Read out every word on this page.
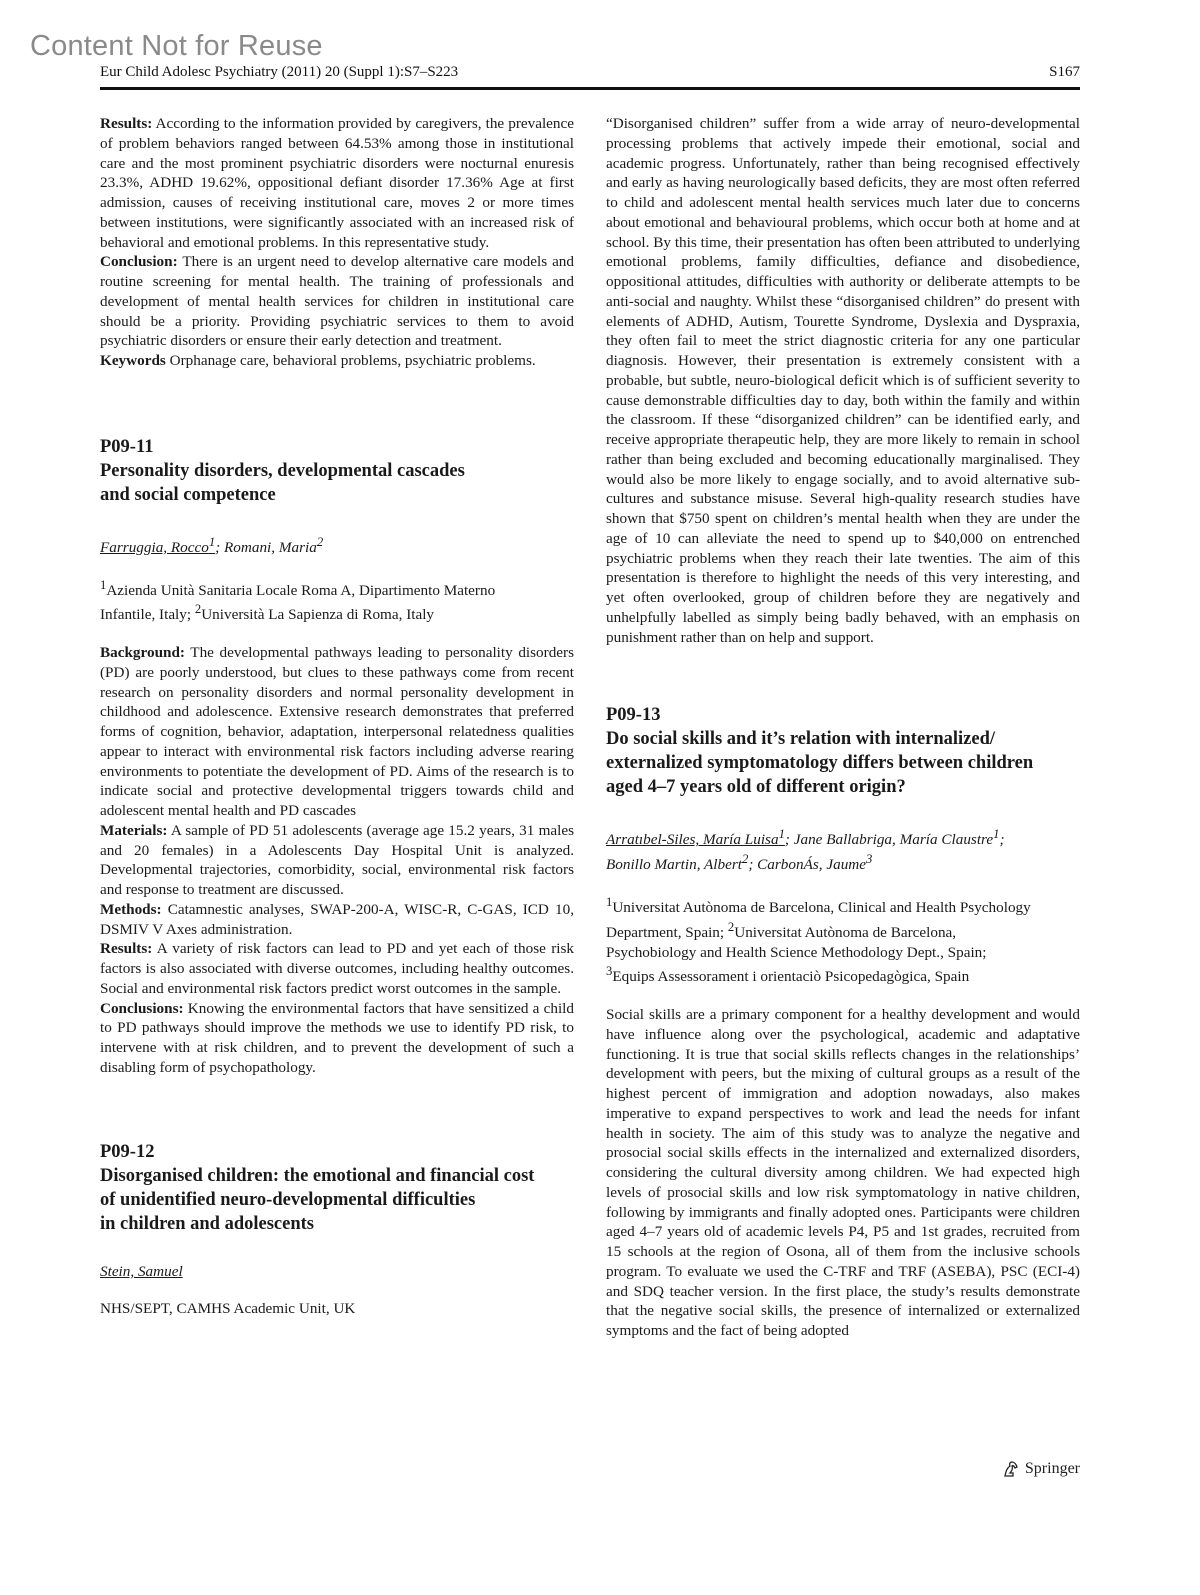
Content Not for Reuse
Eur Child Adolesc Psychiatry (2011) 20 (Suppl 1):S7–S223	S167

Results: According to the information provided by caregivers, the prevalence of problem behaviors ranged between 64.53% among those in institutional care and the most prominent psychiatric disorders were nocturnal enuresis 23.3%, ADHD 19.62%, oppositional defiant disorder 17.36% Age at first admission, causes of receiving institutional care, moves 2 or more times between institutions, were significantly associated with an increased risk of behavioral and emotional problems. In this representative study.

Conclusion: There is an urgent need to develop alternative care models and routine screening for mental health. The training of professionals and development of mental health services for children in institutional care should be a priority. Providing psychiatric services to them to avoid psychiatric disorders or ensure their early detection and treatment.

Keywords Orphanage care, behavioral problems, psychiatric problems.

P09-11

Personality disorders, developmental cascades
and social competence

Farruggia, Rocco$^1$; Romani, Maria$^2$

$^1$Azienda Unità Sanitaria Locale Roma A, Dipartimento Materno
Infantile, Italy; $^2$Università La Sapienza di Roma, Italy

Background: The developmental pathways leading to personality disorders (PD) are poorly understood, but clues to these pathways come from recent research on personality disorders and normal personality development in childhood and adolescence. Extensive research demonstrates that preferred forms of cognition, behavior, adaptation, interpersonal relatedness qualities appear to interact with environmental risk factors including adverse rearing environments to potentiate the development of PD. Aims of the research is to indicate social and protective developmental triggers towards child and adolescent mental health and PD cascades

Materials: A sample of PD 51 adolescents (average age 15.2 years, 31 males and 20 females) in a Adolescents Day Hospital Unit is analyzed. Developmental trajectories, comorbidity, social, environmental risk factors and response to treatment are discussed.

Methods: Catamnestic analyses, SWAP-200-A, WISC-R, C-GAS, ICD 10, DSMIV V Axes administration.

Results: A variety of risk factors can lead to PD and yet each of those risk factors is also associated with diverse outcomes, including healthy outcomes. Social and environmental risk factors predict worst outcomes in the sample.

Conclusions: Knowing the environmental factors that have sensitized a child to PD pathways should improve the methods we use to identify PD risk, to intervene with at risk children, and to prevent the development of such a disabling form of psychopathology.

P09-12

Disorganised children: the emotional and financial cost
of unidentified neuro-developmental difficulties
in children and adolescents

Stein, Samuel

NHS/SEPT, CAMHS Academic Unit, UK

“Disorganised children” suffer from a wide array of neuro-developmental processing problems that actively impede their emotional, social and academic progress. Unfortunately, rather than being recognised effectively and early as having neurologically based deficits, they are most often referred to child and adolescent mental health services much later due to concerns about emotional and behavioural problems, which occur both at home and at school. By this time, their presentation has often been attributed to underlying emotional problems, family difficulties, defiance and disobedience, oppositional attitudes, difficulties with authority or deliberate attempts to be anti-social and naughty. Whilst these “disorganised children” do present with elements of ADHD, Autism, Tourette Syndrome, Dyslexia and Dyspraxia, they often fail to meet the strict diagnostic criteria for any one particular diagnosis. However, their presentation is extremely consistent with a probable, but subtle, neuro-biological deficit which is of sufficient severity to cause demonstrable difficulties day to day, both within the family and within the classroom. If these “disorganized children” can be identified early, and receive appropriate therapeutic help, they are more likely to remain in school rather than being excluded and becoming educationally marginalised. They would also be more likely to engage socially, and to avoid alternative sub-cultures and substance misuse. Several high-quality research studies have shown that $750 spent on children’s mental health when they are under the age of 10 can alleviate the need to spend up to $40,000 on entrenched psychiatric problems when they reach their late twenties. The aim of this presentation is therefore to highlight the needs of this very interesting, and yet often overlooked, group of children before they are negatively and unhelpfully labelled as simply being badly behaved, with an emphasis on punishment rather than on help and support.

P09-13

Do social skills and it’s relation with internalized/
externalized symptomatology differs between children
aged 4–7 years old of different origin?

Arratıbel-Siles, María Luisa$^1$; Jane Ballabriga, María Claustre$^1$;
Bonillo Martin, Albert$^2$; CarbonÁs, Jaume$^3$

$^1$Universitat Autònoma de Barcelona, Clinical and Health Psychology
Department, Spain; $^2$Universitat Autònoma de Barcelona,
Psychobiology and Health Science Methodology Dept., Spain;
$^3$Equips Assessorament i orientaciò Psicopedagògica, Spain

Social skills are a primary component for a healthy development and would have influence along over the psychological, academic and adaptative functioning. It is true that social skills reflects changes in the relationships’ development with peers, but the mixing of cultural groups as a result of the highest percent of immigration and adoption nowadays, also makes imperative to expand perspectives to work and lead the needs for infant health in society. The aim of this study was to analyze the negative and prosocial social skills effects in the internalized and externalized disorders, considering the cultural diversity among children. We had expected high levels of prosocial skills and low risk symptomatology in native children, following by immigrants and finally adopted ones. Participants were children aged 4–7 years old of academic levels P4, P5 and 1st grades, recruited from 15 schools at the region of Osona, all of them from the inclusive schools program. To evaluate we used the C-TRF and TRF (ASEBA), PSC (ECI-4) and SDQ teacher version. In the first place, the study’s results demonstrate that the negative social skills, the presence of internalized or externalized symptoms and the fact of being adopted

Springer
